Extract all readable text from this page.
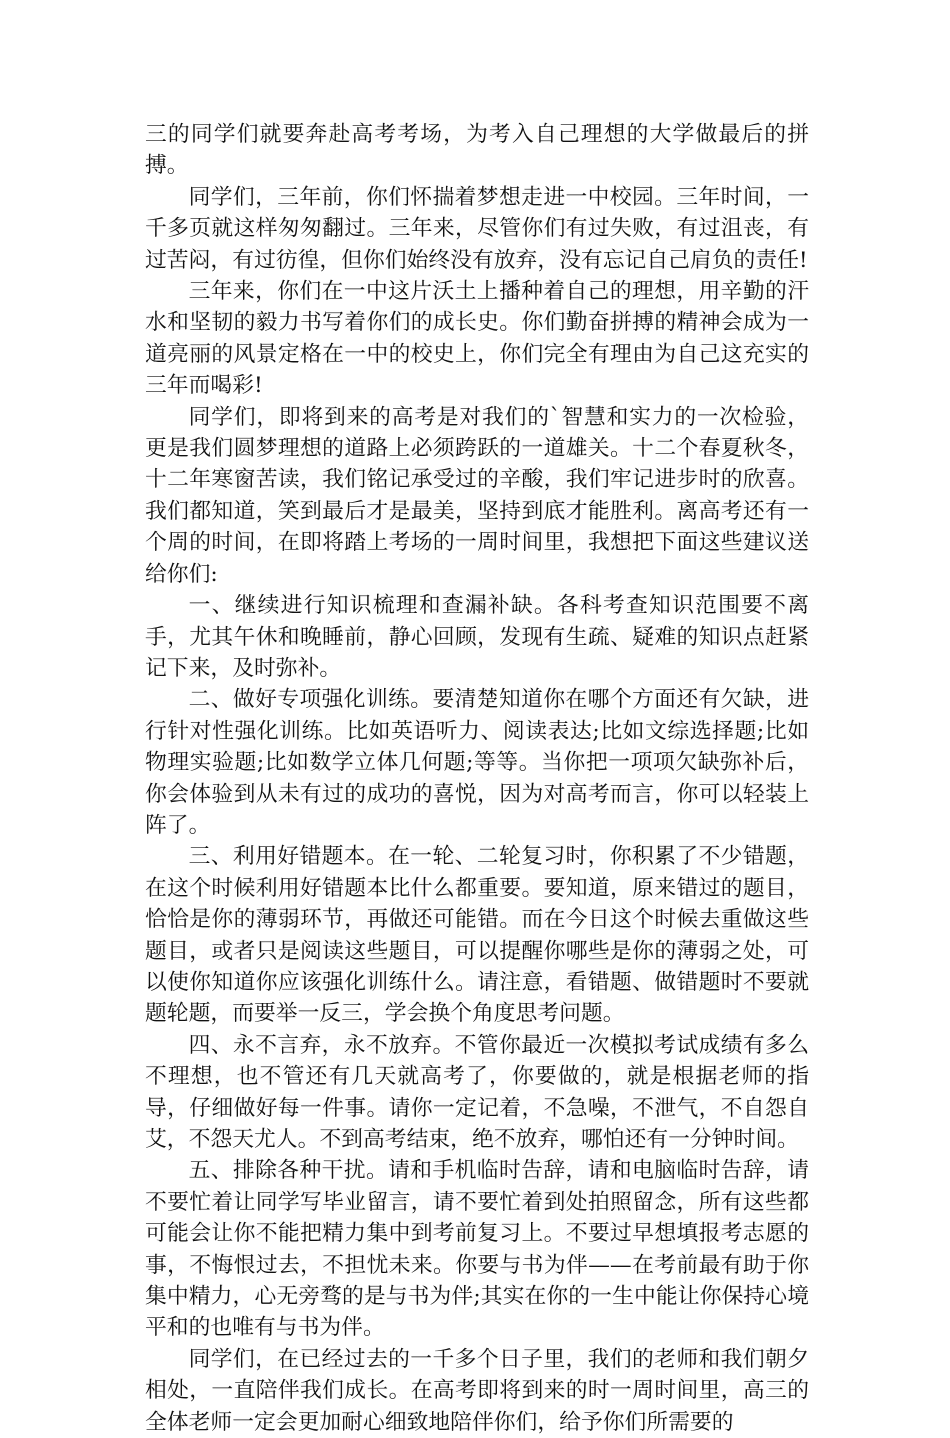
三的同学们就要奔赴高考考场，为考入自己理想的大学做最后的拼搏。

同学们，三年前，你们怀揣着梦想走进一中校园。三年时间，一千多页就这样匆匆翻过。三年来，尽管你们有过失败，有过沮丧，有过苦闷，有过彷徨，但你们始终没有放弃，没有忘记自己肩负的责任!

三年来，你们在一中这片沃土上播种着自己的理想，用辛勤的汗水和坚韧的毅力书写着你们的成长史。你们勤奋拼搏的精神会成为一道亮丽的风景定格在一中的校史上，你们完全有理由为自己这充实的三年而喝彩!

同学们，即将到来的高考是对我们的`智慧和实力的一次检验，更是我们圆梦理想的道路上必须跨跃的一道雄关。十二个春夏秋冬，十二年寒窗苦读，我们铭记承受过的辛酸，我们牢记进步时的欣喜。我们都知道，笑到最后才是最美，坚持到底才能胜利。离高考还有一个周的时间，在即将踏上考场的一周时间里，我想把下面这些建议送给你们:

一、继续进行知识梳理和查漏补缺。各科考查知识范围要不离手，尤其午休和晚睡前，静心回顾，发现有生疏、疑难的知识点赶紧记下来，及时弥补。

二、做好专项强化训练。要清楚知道你在哪个方面还有欠缺，进行针对性强化训练。比如英语听力、阅读表达;比如文综选择题;比如物理实验题;比如数学立体几何题;等等。当你把一项项欠缺弥补后，你会体验到从未有过的成功的喜悦，因为对高考而言，你可以轻装上阵了。

三、利用好错题本。在一轮、二轮复习时，你积累了不少错题，在这个时候利用好错题本比什么都重要。要知道，原来错过的题目，恰恰是你的薄弱环节，再做还可能错。而在今日这个时候去重做这些题目，或者只是阅读这些题目，可以提醒你哪些是你的薄弱之处，可以使你知道你应该强化训练什么。请注意，看错题、做错题时不要就题轮题，而要举一反三，学会换个角度思考问题。

四、永不言弃，永不放弃。不管你最近一次模拟考试成绩有多么不理想，也不管还有几天就高考了，你要做的，就是根据老师的指导，仔细做好每一件事。请你一定记着，不急噪，不泄气，不自怨自艾，不怨天尤人。不到高考结束，绝不放弃，哪怕还有一分钟时间。

五、排除各种干扰。请和手机临时告辞，请和电脑临时告辞，请不要忙着让同学写毕业留言，请不要忙着到处拍照留念，所有这些都可能会让你不能把精力集中到考前复习上。不要过早想填报考志愿的事，不悔恨过去，不担忧未来。你要与书为伴——在考前最有助于你集中精力，心无旁骛的是与书为伴;其实在你的一生中能让你保持心境平和的也唯有与书为伴。

同学们，在已经过去的一千多个日子里，我们的老师和我们朝夕相处，一直陪伴我们成长。在高考即将到来的时一周时间里，高三的全体老师一定会更加耐心细致地陪伴你们，给予你们所需要的
